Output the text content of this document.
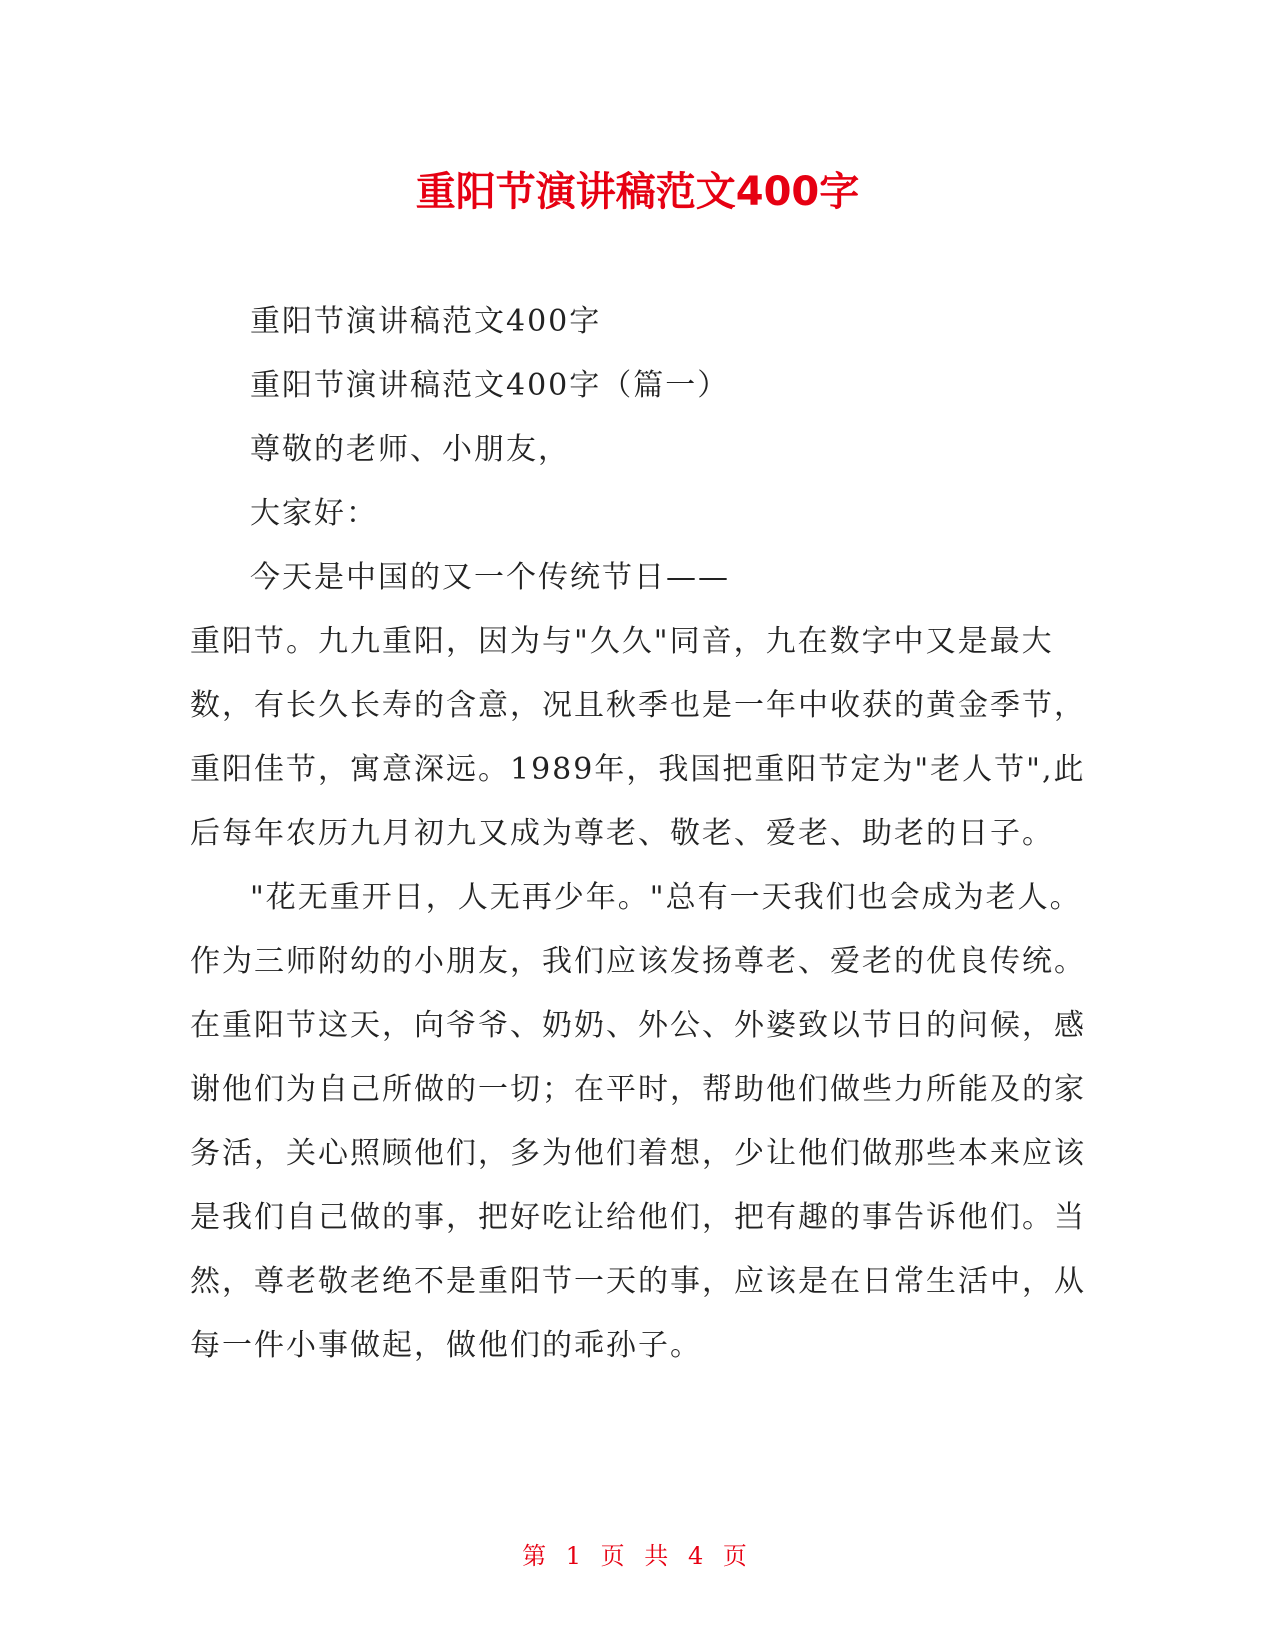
重阳节演讲稿范文400字

重阳节演讲稿范文400字

重阳节演讲稿范文400字（篇一）

尊敬的老师、小朋友，

大家好：

今天是中国的又一个传统节日——

重阳节。九九重阳，因为与"久久"同音，九在数字中又是最大数，有长久长寿的含意，况且秋季也是一年中收获的黄金季节，重阳佳节，寓意深远。1989年，我国把重阳节定为"老人节",此后每年农历九月初九又成为尊老、敬老、爱老、助老的日子。

"花无重开日，人无再少年。"总有一天我们也会成为老人。作为三师附幼的小朋友，我们应该发扬尊老、爱老的优良传统。在重阳节这天，向爷爷、奶奶、外公、外婆致以节日的问候，感谢他们为自己所做的一切；在平时，帮助他们做些力所能及的家务活，关心照顾他们，多为他们着想，少让他们做那些本来应该是我们自己做的事，把好吃让给他们，把有趣的事告诉他们。当然，尊老敬老绝不是重阳节一天的事，应该是在日常生活中，从每一件小事做起，做他们的乖孙子。

第 1 页 共 4 页
